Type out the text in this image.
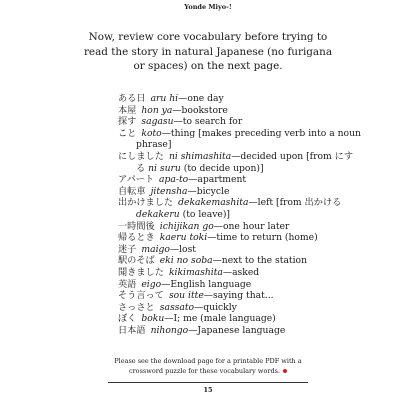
Yonde Miyo-!
Now, review core vocabulary before trying to read the story in natural Japanese (no furigana or spaces) on the next page.
ある日 aru hi—one day
本屋 hon ya—bookstore
探す sagasu—to search for
こと koto—thing [makes preceding verb into a noun
phrase]
にしました ni shimashita—decided upon [from にす
る ni suru (to decide upon)]
アパート apa-to—apartment
自転車 jitensha—bicycle
出かけました dekakemashita—left [from 出かける
dekakeru (to leave)]
一時間後 ichijikan go—one hour later
帰るとき kaeru toki—time to return (home)
迷子 maigo—lost
駅のそば eki no soba—next to the station
聞きました kikimashita—asked
英語 eigo—English language
そう言って sou itte—saying that...
さっさと sassato—quickly
ぼく boku—I; me (male language)
日本語 nihongo—Japanese language
Please see the download page for a printable PDF with a crossword puzzle for these vocabulary words.
15
